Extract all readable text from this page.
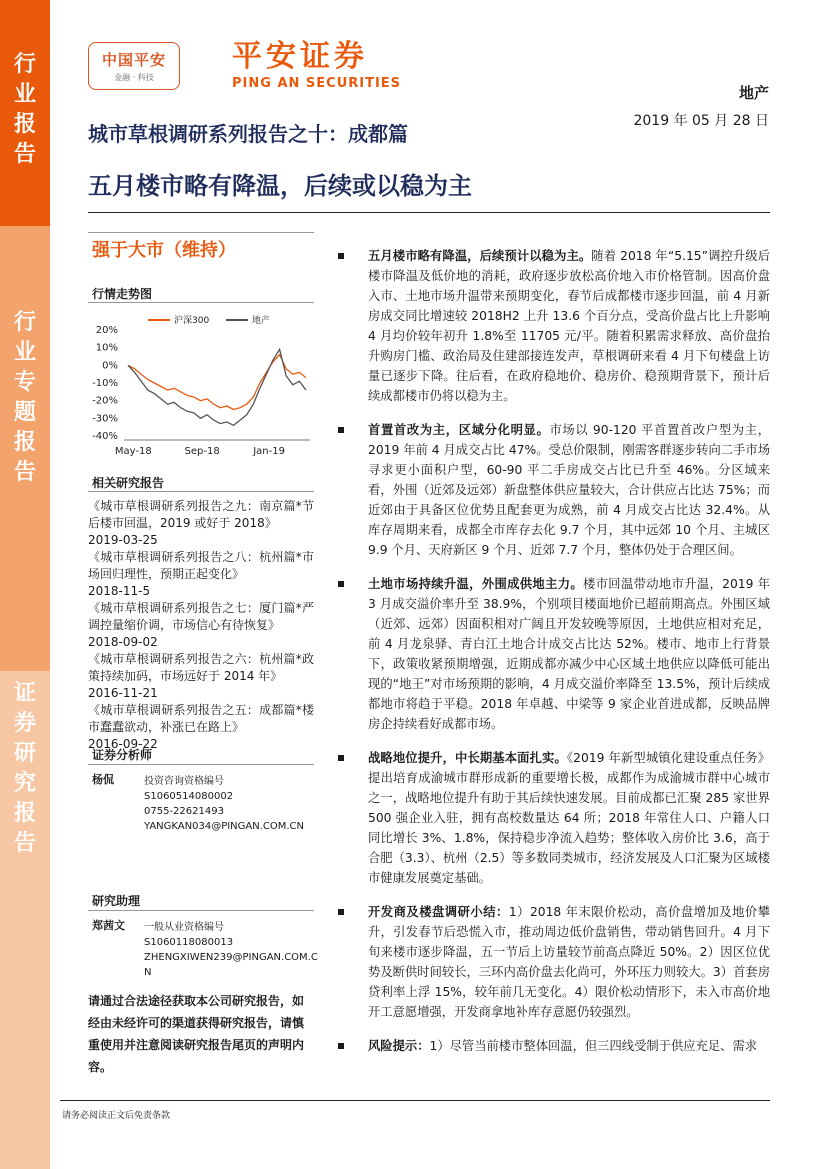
行
业
报
告
行
业
专
题
报
告
证
券
研
究
报
告
中国平安
金融 · 科技
平安证券
PING AN SECURITIES
地产
2019 年 05 月 28 日
城市草根调研系列报告之十：成都篇
五月楼市略有降温，后续或以稳为主
强于大市（维持）
行情走势图
20%
10%
0%
-10%
-20%
-30%
-40%
May-18	Sep-18	Jan-19
沪深300	地产
相关研究报告
《城市草根调研系列报告之九：南京篇*节后楼市回温，2019 或好于 2018》
2019-03-25
《城市草根调研系列报告之八：杭州篇*市场回归理性，预期正起变化》
2018-11-5
《城市草根调研系列报告之七：厦门篇*严调控量缩价调，市场信心有待恢复》
2018-09-02
《城市草根调研系列报告之六：杭州篇*政策持续加码，市场远好于 2014 年》
2016-11-21
《城市草根调研系列报告之五：成都篇*楼市蠢蠢欲动，补涨已在路上》
2016-09-22
证券分析师
杨侃	投资咨询资格编号
S1060514080002
0755-22621493
YANGKAN034@PINGAN.COM.CN
研究助理
郑茜文 一般从业资格编号
S1060118080013
ZHENGXIWEN239@PINGAN.COM.C
N
请通过合法途径获取本公司研究报告，如经由未经许可的渠道获得研究报告，请慎重使用并注意阅读研究报告尾页的声明内容。
五月楼市略有降温，后续预计以稳为主。随着 2018 年“5.15”调控升级后楼市降温及低价地的消耗，政府逐步放松高价地入市价格管制。因高价盘入市、土地市场升温带来预期变化，春节后成都楼市逐步回温，前 4 月新房成交同比增速较 2018H2 上升 13.6 个百分点，受高价盘占比上升影响 4 月均价较年初升 1.8%至 11705 元/平。随着积累需求释放、高价盘抬升购房门槛、政治局及住建部接连发声，草根调研来看 4 月下旬楼盘上访量已逐步下降。往后看，在政府稳地价、稳房价、稳预期背景下，预计后续成都楼市仍将以稳为主。
首置首改为主，区域分化明显。市场以 90-120 平首置首改户型为主，2019 年前 4 月成交占比 47%。受总价限制，刚需客群逐步转向二手市场寻求更小面积户型，60-90 平二手房成交占比已升至 46%。分区域来看，外围（近郊及远郊）新盘整体供应量较大，合计供应占比达 75%；而近郊由于具备区位优势且配套更为成熟，前 4 月成交占比达 32.4%。从库存周期来看，成都全市库存去化 9.7 个月，其中远郊 10 个月、主城区 9.9 个月、天府新区 9 个月、近郊 7.7 个月，整体仍处于合理区间。
土地市场持续升温，外围成供地主力。楼市回温带动地市升温，2019 年 3 月成交溢价率升至 38.9%，个别项目楼面地价已超前期高点。外围区域（近郊、远郊）因面积相对广阔且开发较晚等原因，土地供应相对充足，前 4 月龙泉驿、青白江土地合计成交占比达 52%。楼市、地市上行背景下，政策收紧预期增强，近期成都亦减少中心区域土地供应以降低可能出现的“地王”对市场预期的影响，4 月成交溢价率降至 13.5%，预计后续成都地市将趋于平稳。2018 年卓越、中梁等 9 家企业首进成都，反映品牌房企持续看好成都市场。
战略地位提升，中长期基本面扎实。《2019 年新型城镇化建设重点任务》提出培育成渝城市群形成新的重要增长极，成都作为成渝城市群中心城市之一，战略地位提升有助于其后续快速发展。目前成都已汇聚 285 家世界 500 强企业入驻，拥有高校数量达 64 所；2018 年常住人口、户籍人口同比增长 3%、1.8%，保持稳步净流入趋势；整体收入房价比 3.6，高于合肥（3.3）、杭州（2.5）等多数同类城市，经济发展及人口汇聚为区域楼市健康发展奠定基础。
开发商及楼盘调研小结：1）2018 年末限价松动，高价盘增加及地价攀升，引发春节后恐慌入市，推动周边低价盘销售，带动销售回升。4 月下旬来楼市逐步降温，五一节后上访量较节前高点降近 50%。2）因区位优势及断供时间较长，三环内高价盘去化尚可，外环压力则较大。3）首套房贷利率上浮 15%，较年前几无变化。4）限价松动情形下，未入市高价地开工意愿增强，开发商拿地补库存意愿仍较强烈。
风险提示：1）尽管当前楼市整体回温，但三四线受制于供应充足、需求
请务必阅读正文后免责条款
